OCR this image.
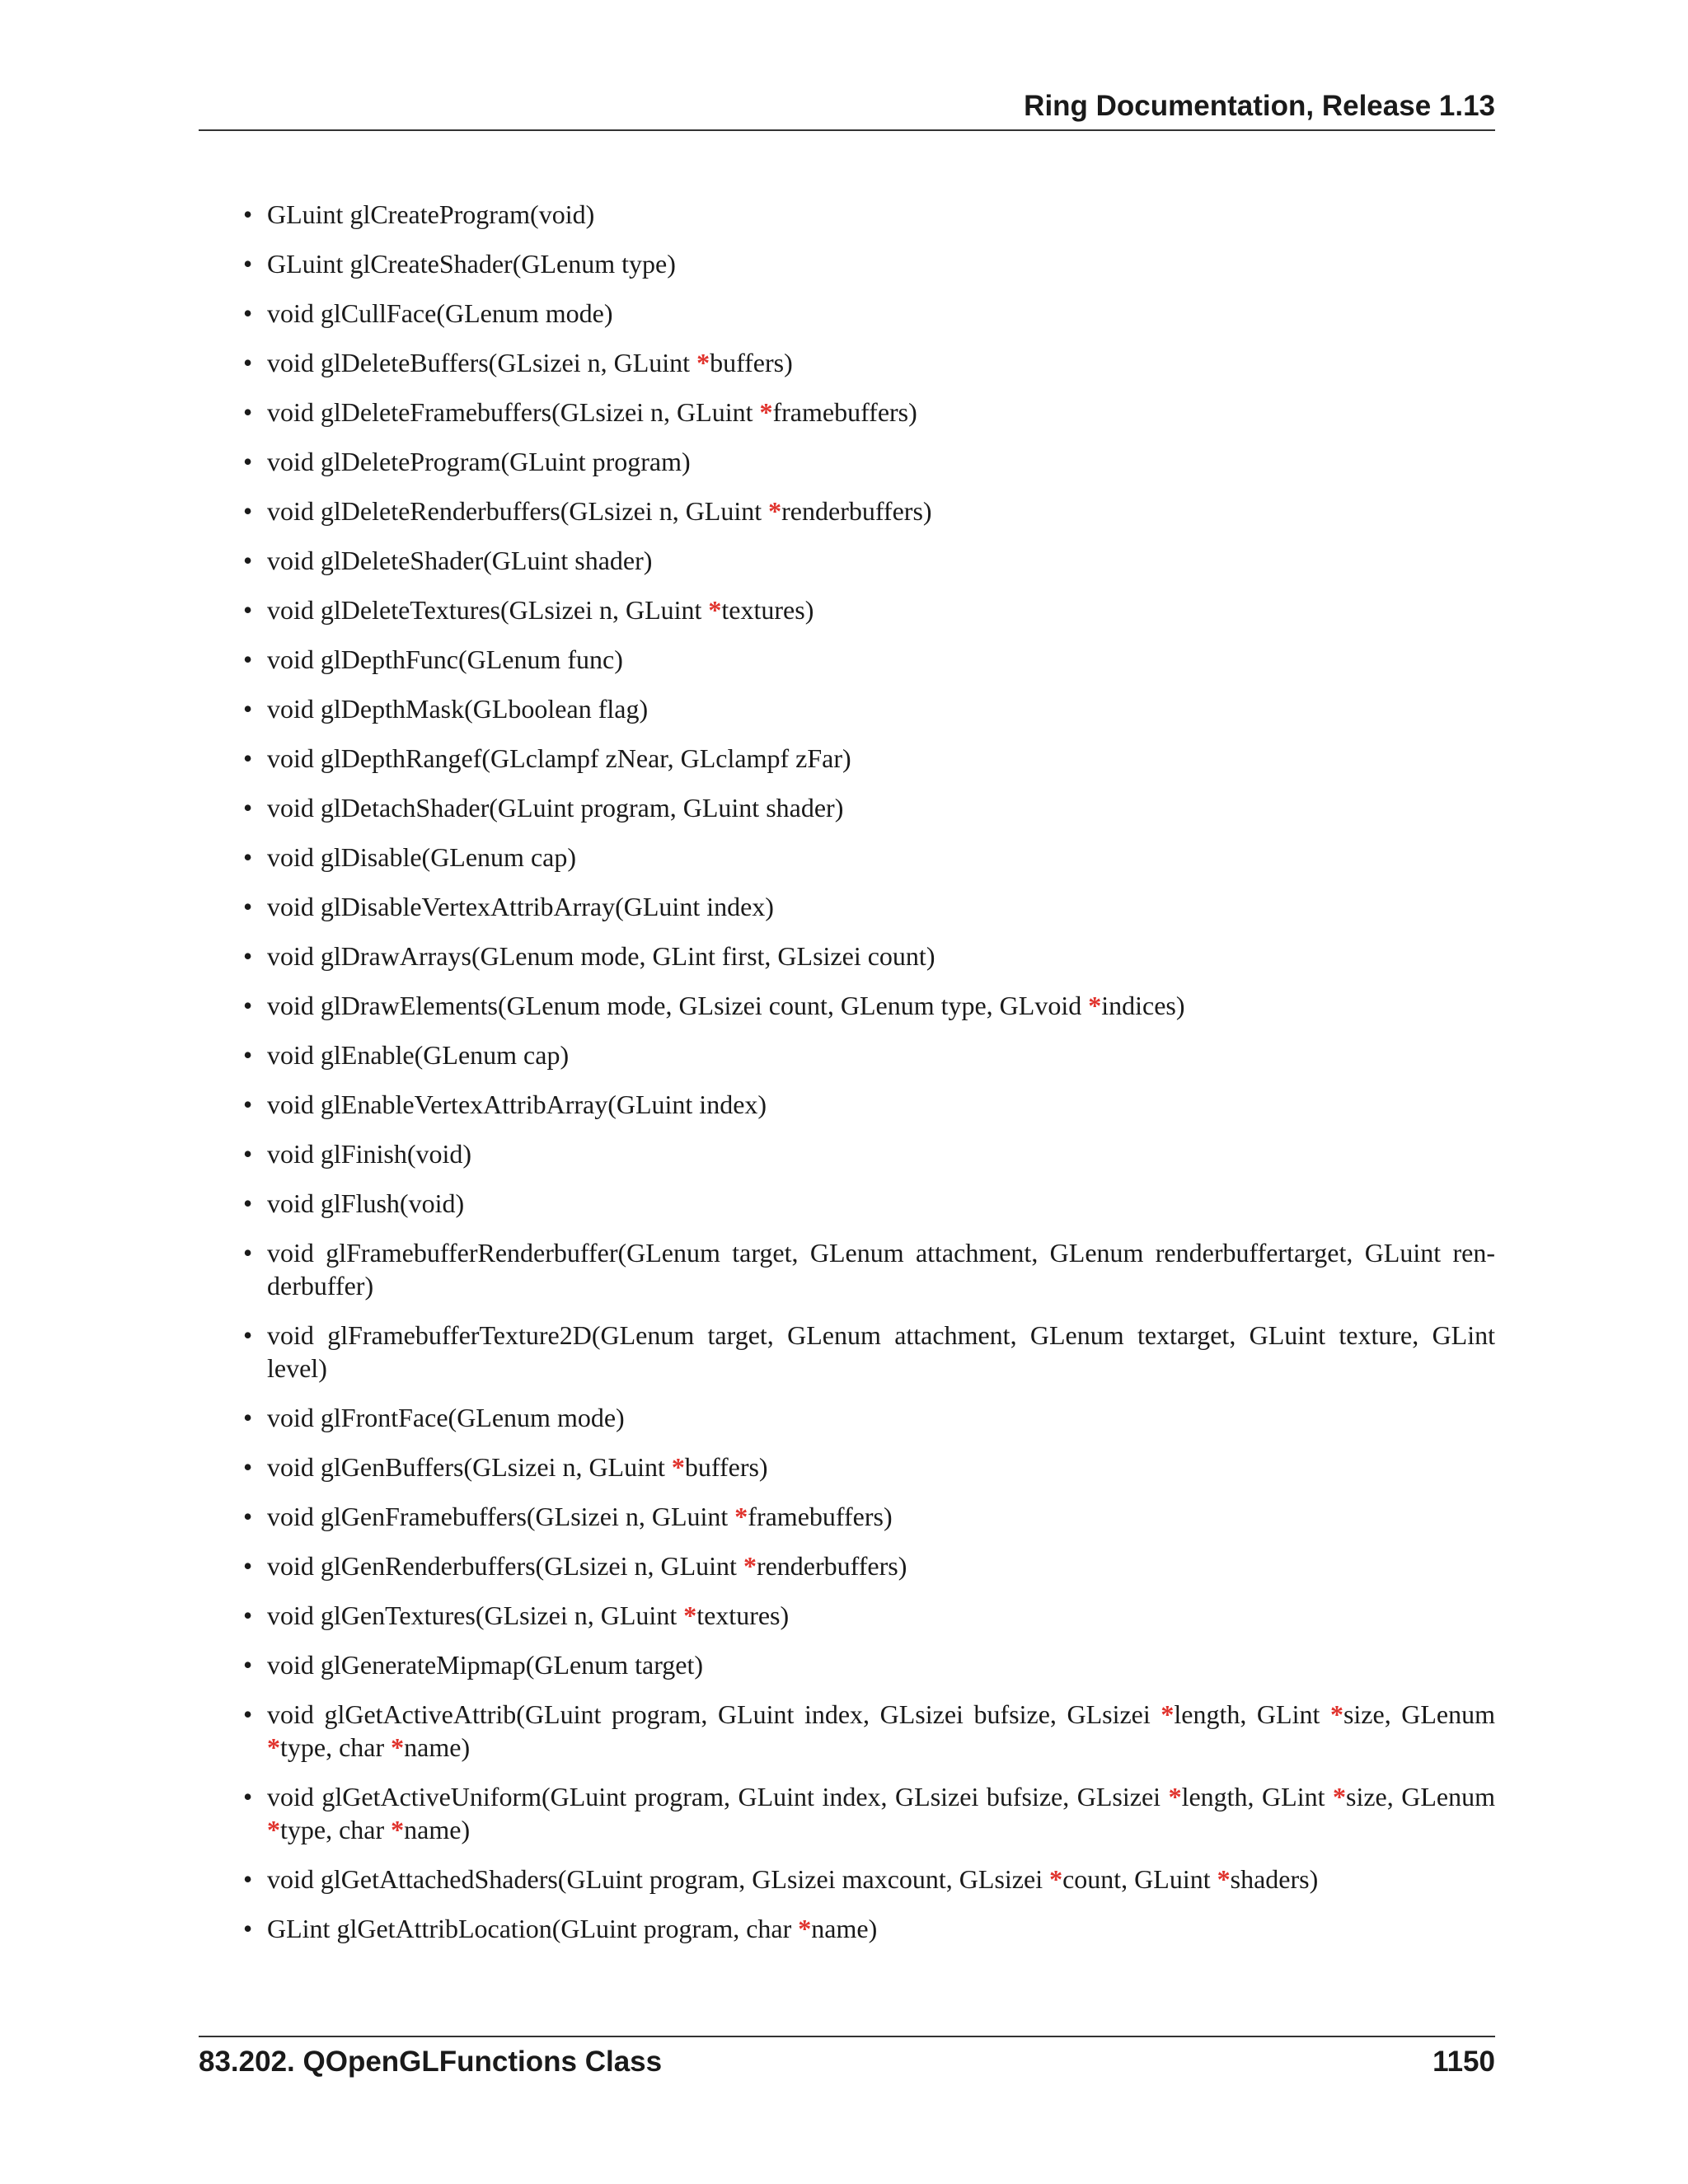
Ring Documentation, Release 1.13
• GLuint glCreateProgram(void)
• GLuint glCreateShader(GLenum type)
• void glCullFace(GLenum mode)
• void glDeleteBuffers(GLsizei n, GLuint *buffers)
• void glDeleteFramebuffers(GLsizei n, GLuint *framebuffers)
• void glDeleteProgram(GLuint program)
• void glDeleteRenderbuffers(GLsizei n, GLuint *renderbuffers)
• void glDeleteShader(GLuint shader)
• void glDeleteTextures(GLsizei n, GLuint *textures)
• void glDepthFunc(GLenum func)
• void glDepthMask(GLboolean flag)
• void glDepthRangef(GLclampf zNear, GLclampf zFar)
• void glDetachShader(GLuint program, GLuint shader)
• void glDisable(GLenum cap)
• void glDisableVertexAttribArray(GLuint index)
• void glDrawArrays(GLenum mode, GLint first, GLsizei count)
• void glDrawElements(GLenum mode, GLsizei count, GLenum type, GLvoid *indices)
• void glEnable(GLenum cap)
• void glEnableVertexAttribArray(GLuint index)
• void glFinish(void)
• void glFlush(void)
• void glFramebufferRenderbuffer(GLenum target, GLenum attachment, GLenum renderbuffertarget, GLuint ren-derbuffer)
• void glFramebufferTexture2D(GLenum target, GLenum attachment, GLenum textarget, GLuint texture, GLint level)
• void glFrontFace(GLenum mode)
• void glGenBuffers(GLsizei n, GLuint *buffers)
• void glGenFramebuffers(GLsizei n, GLuint *framebuffers)
• void glGenRenderbuffers(GLsizei n, GLuint *renderbuffers)
• void glGenTextures(GLsizei n, GLuint *textures)
• void glGenerateMipmap(GLenum target)
• void glGetActiveAttrib(GLuint program, GLuint index, GLsizei bufsize, GLsizei *length, GLint *size, GLenum *type, char *name)
• void glGetActiveUniform(GLuint program, GLuint index, GLsizei bufsize, GLsizei *length, GLint *size, GLenum *type, char *name)
• void glGetAttachedShaders(GLuint program, GLsizei maxcount, GLsizei *count, GLuint *shaders)
• GLint glGetAttribLocation(GLuint program, char *name)
83.202. QOpenGLFunctions Class	1150
